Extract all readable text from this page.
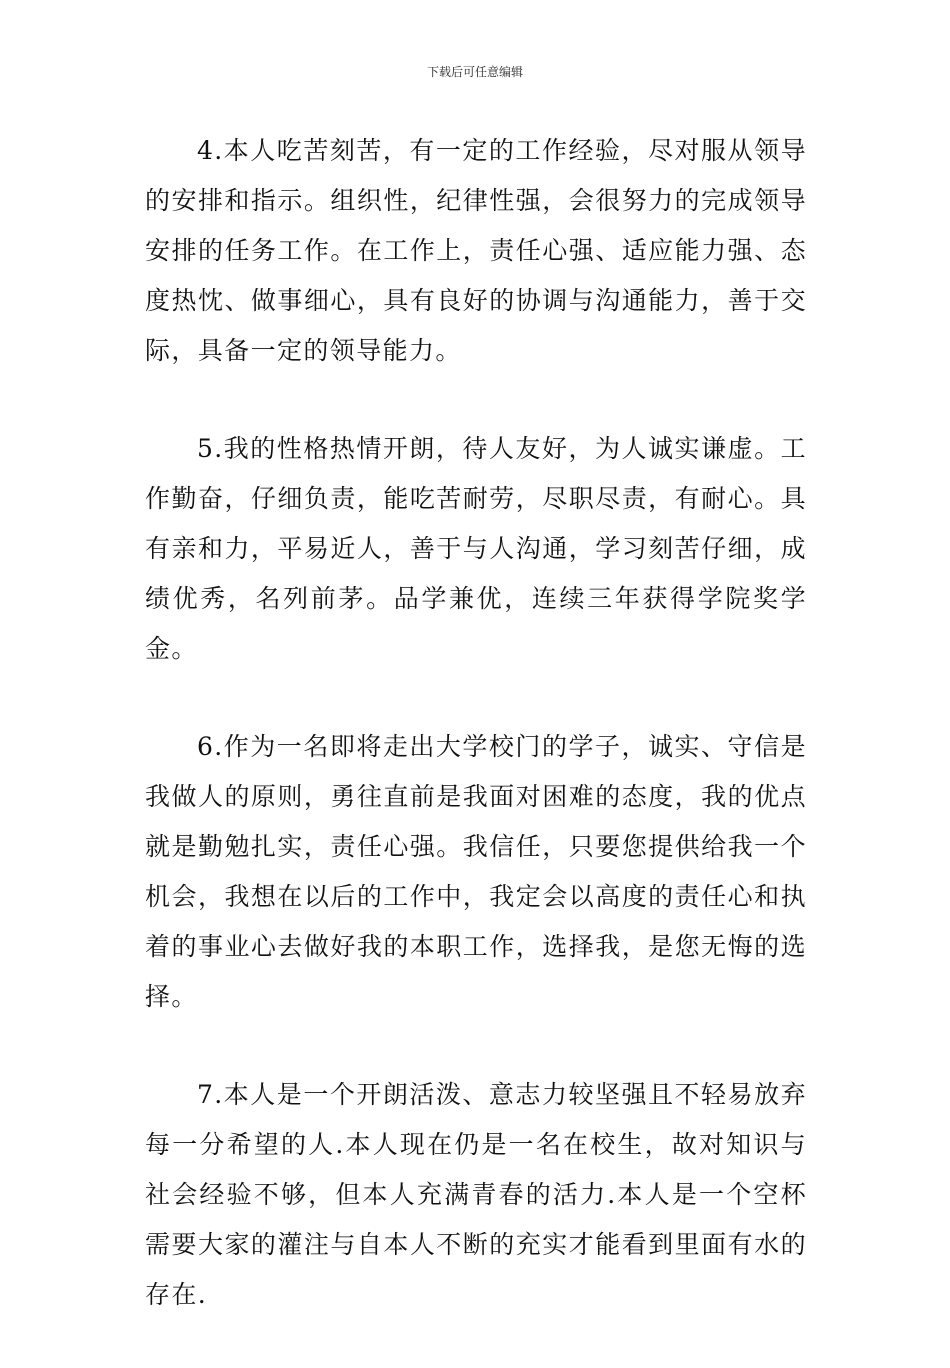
下载后可任意编辑

4.本人吃苦刻苦，有一定的工作经验，尽对服从领导的安排和指示。组织性，纪律性强，会很努力的完成领导安排的任务工作。在工作上，责任心强、适应能力强、态度热忱、做事细心，具有良好的协调与沟通能力，善于交际，具备一定的领导能力。

5.我的性格热情开朗，待人友好，为人诚实谦虚。工作勤奋，仔细负责，能吃苦耐劳，尽职尽责，有耐心。具有亲和力，平易近人，善于与人沟通，学习刻苦仔细，成绩优秀，名列前茅。品学兼优，连续三年获得学院奖学金。

6.作为一名即将走出大学校门的学子，诚实、守信是我做人的原则，勇往直前是我面对困难的态度，我的优点就是勤勉扎实，责任心强。我信任，只要您提供给我一个机会，我想在以后的工作中，我定会以高度的责任心和执着的事业心去做好我的本职工作，选择我，是您无悔的选择。

7.本人是一个开朗活泼、意志力较坚强且不轻易放弃每一分希望的人.本人现在仍是一名在校生，故对知识与社会经验不够，但本人充满青春的活力.本人是一个空杯需要大家的灌注与自本人不断的充实才能看到里面有水的存在.
